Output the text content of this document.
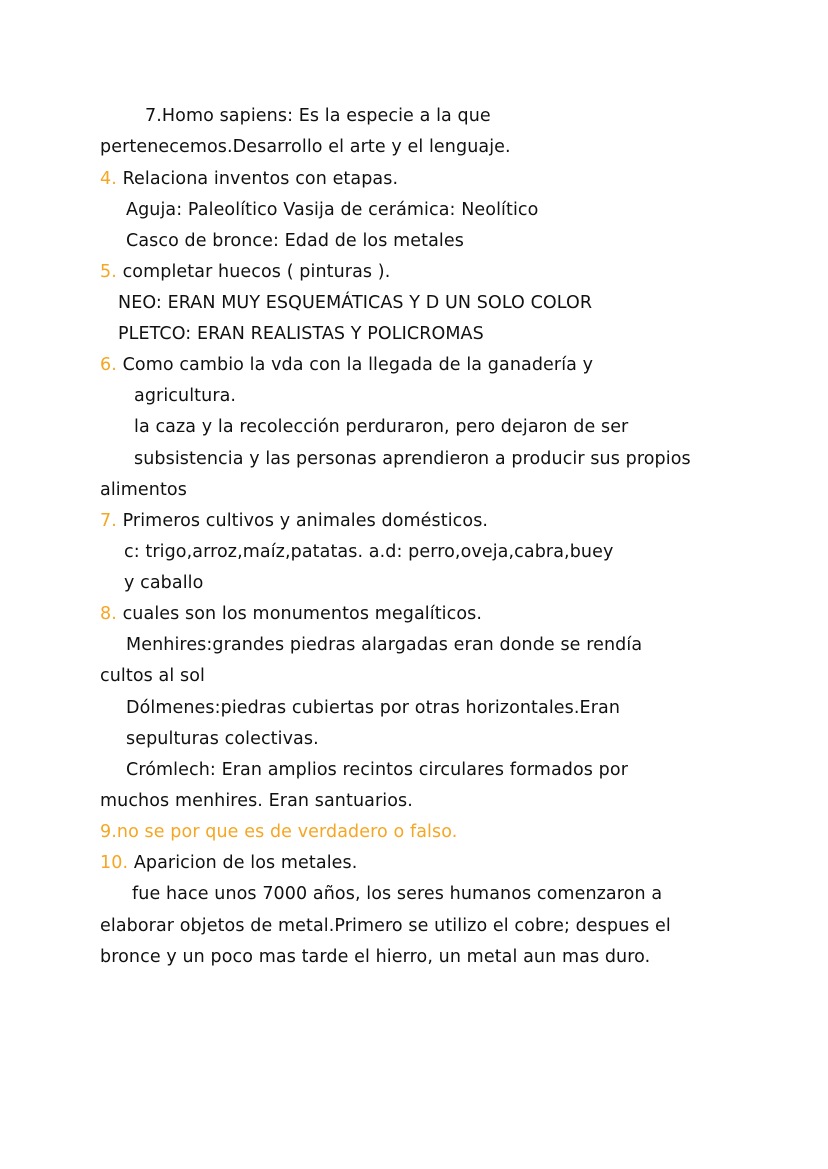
7.Homo sapiens: Es la especie a la que
pertenecemos.Desarrollo el arte y el lenguaje.
4. Relaciona inventos con etapas.
Aguja: Paleolítico Vasija de cerámica: Neolítico
Casco de bronce: Edad de los metales
5. completar huecos ( pinturas ).
NEO: ERAN MUY ESQUEMÁTICAS Y D UN SOLO COLOR
PLETCO: ERAN REALISTAS Y POLICROMAS
6. Como cambio la vda con la llegada de la ganadería y
agricultura.
la caza y la recolección perduraron, pero dejaron de ser
subsistencia y las personas aprendieron a producir sus propios
alimentos
7. Primeros cultivos y animales domésticos.
c: trigo,arroz,maíz,patatas. a.d: perro,oveja,cabra,buey
y caballo
8. cuales son los monumentos megalíticos.
Menhires:grandes piedras alargadas eran donde se rendía
cultos al sol
Dólmenes:piedras cubiertas por otras horizontales.Eran
sepulturas colectivas.
Crómlech: Eran amplios recintos circulares formados por
muchos menhires. Eran santuarios.
9.no se por que es de verdadero o falso.
10. Aparicion de los metales.
fue hace unos 7000 años, los seres humanos comenzaron a
elaborar objetos de metal.Primero se utilizo el cobre; despues el
bronce y un poco mas tarde el hierro, un metal aun mas duro.
